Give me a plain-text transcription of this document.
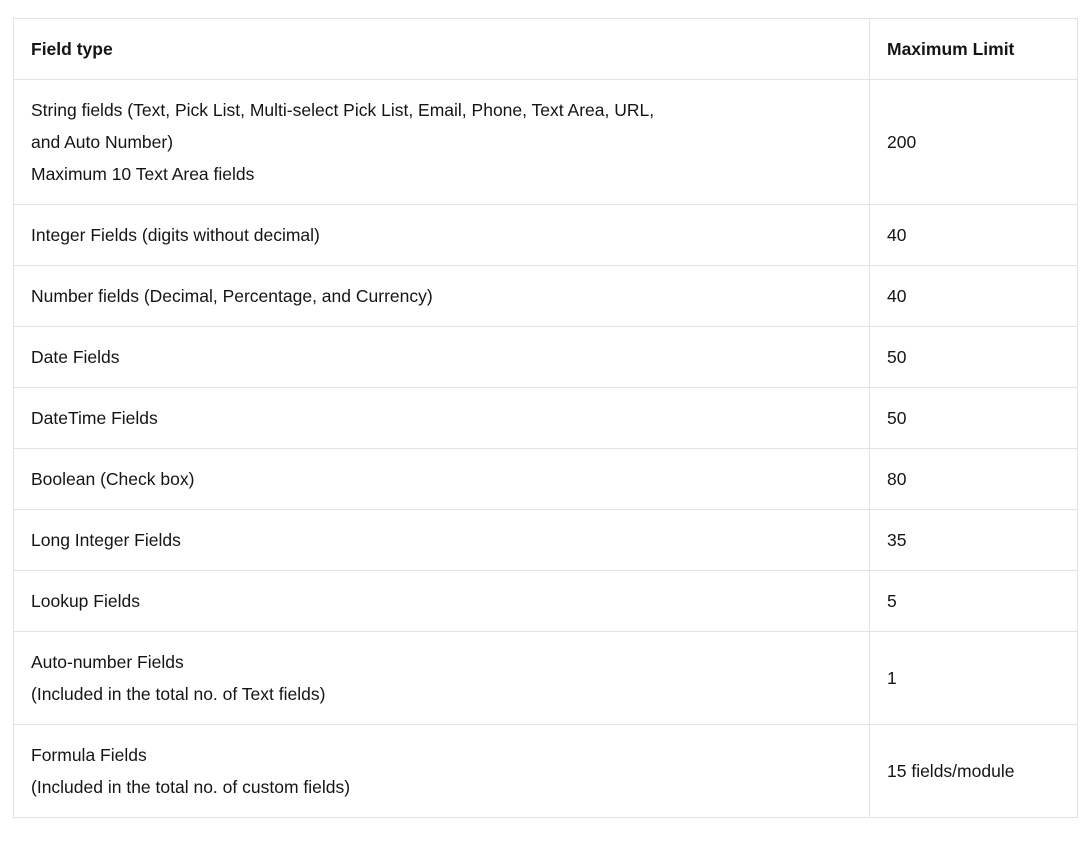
Field type	Maximum Limit

String fields (Text, Pick List, Multi-select Pick List, Email, Phone, Text Area, URL,
and Auto Number)
Maximum 10 Text Area fields	200

Integer Fields (digits without decimal)	40

Number fields (Decimal, Percentage, and Currency)	40

Date Fields	50

DateTime Fields	50

Boolean (Check box)	80

Long Integer Fields	35

Lookup Fields	5

Auto-number Fields
(Included in the total no. of Text fields)	1

Formula Fields
(Included in the total no. of custom fields)	15 fields/module
